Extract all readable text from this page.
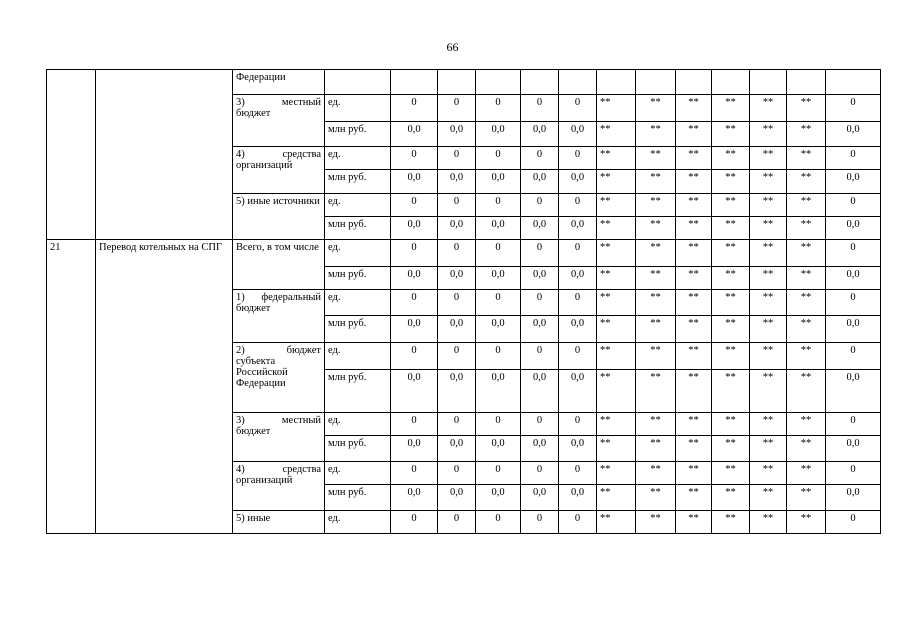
66
		Федерации													
		3) местный бюджет	ед.	0	0	0	0	0	**	**	**	**	**	**	0
			млн руб.	0,0	0,0	0,0	0,0	0,0	**	**	**	**	**	**	0,0
		4) средства организаций	ед.	0	0	0	0	0	**	**	**	**	**	**	0
			млн руб.	0,0	0,0	0,0	0,0	0,0	**	**	**	**	**	**	0,0
		5) иные источники	ед.	0	0	0	0	0	**	**	**	**	**	**	0
			млн руб.	0,0	0,0	0,0	0,0	0,0	**	**	**	**	**	**	0,0
21	Перевод котельных на СПГ	Всего, в том числе	ед.	0	0	0	0	0	**	**	**	**	**	**	0
			млн руб.	0,0	0,0	0,0	0,0	0,0	**	**	**	**	**	**	0,0
		1) федеральный бюджет	ед.	0	0	0	0	0	**	**	**	**	**	**	0
			млн руб.	0,0	0,0	0,0	0,0	0,0	**	**	**	**	**	**	0,0
		2) бюджет субъекта Российской Федерации	ед.	0	0	0	0	0	**	**	**	**	**	**	0
			млн руб.	0,0	0,0	0,0	0,0	0,0	**	**	**	**	**	**	0,0
		3) местный бюджет	ед.	0	0	0	0	0	**	**	**	**	**	**	0
			млн руб.	0,0	0,0	0,0	0,0	0,0	**	**	**	**	**	**	0,0
		4) средства организаций	ед.	0	0	0	0	0	**	**	**	**	**	**	0
			млн руб.	0,0	0,0	0,0	0,0	0,0	**	**	**	**	**	**	0,0
		5) иные	ед.	0	0	0	0	0	**	**	**	**	**	**	0
